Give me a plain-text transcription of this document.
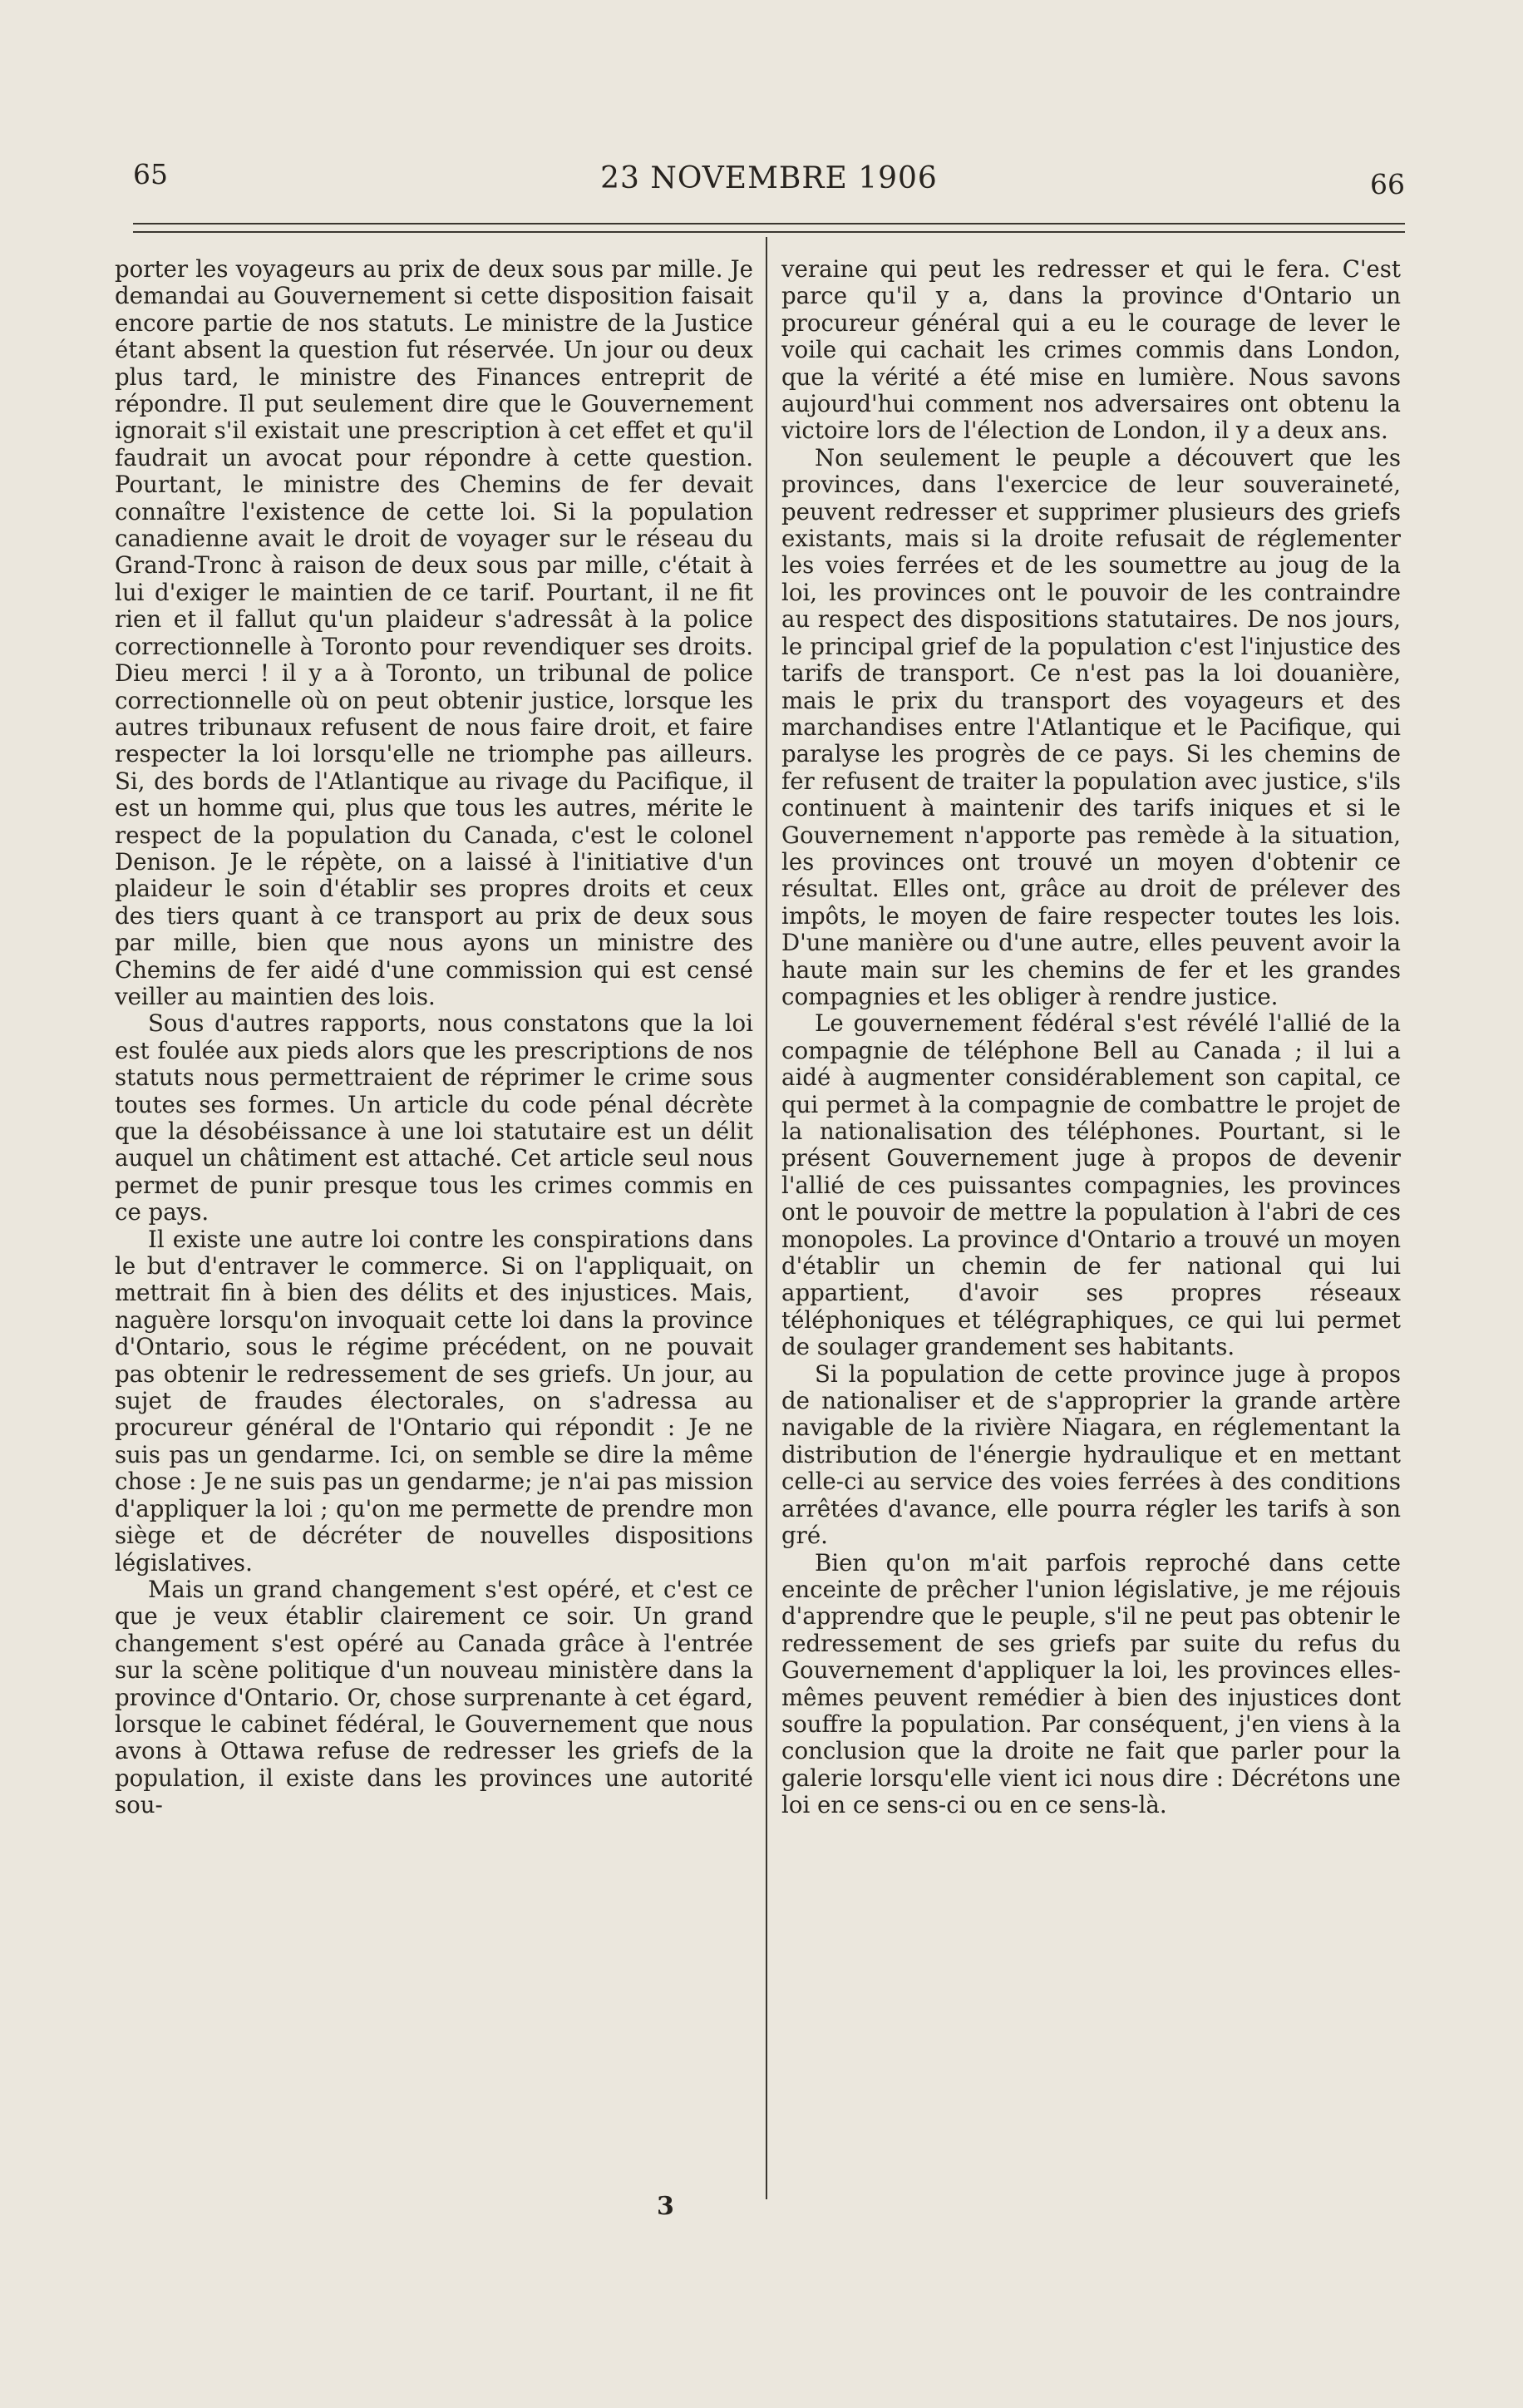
65	23 NOVEMBRE 1906	66

porter les voyageurs au prix de deux sous par mille. Je demandai au Gouvernement si cette disposition faisait encore partie de nos statuts. Le ministre de la Justice étant absent la question fut réservée. Un jour ou deux plus tard, le ministre des Finances entreprit de répondre. Il put seulement dire que le Gouvernement ignorait s'il existait une prescription à cet effet et qu'il faudrait un avocat pour répondre à cette question. Pourtant, le ministre des Chemins de fer devait connaître l'existence de cette loi. Si la population canadienne avait le droit de voyager sur le réseau du Grand-Tronc à raison de deux sous par mille, c'était à lui d'exiger le maintien de ce tarif. Pourtant, il ne fit rien et il fallut qu'un plaideur s'adressât à la police correctionnelle à Toronto pour revendiquer ses droits. Dieu merci ! il y a à Toronto, un tribunal de police correctionnelle où on peut obtenir justice, lorsque les autres tribunaux refusent de nous faire droit, et faire respecter la loi lorsqu'elle ne triomphe pas ailleurs. Si, des bords de l'Atlantique au rivage du Pacifique, il est un homme qui, plus que tous les autres, mérite le respect de la population du Canada, c'est le colonel Denison. Je le répète, on a laissé à l'initiative d'un plaideur le soin d'établir ses propres droits et ceux des tiers quant à ce transport au prix de deux sous par mille, bien que nous ayons un ministre des Chemins de fer aidé d'une commission qui est censé veiller au maintien des lois.

Sous d'autres rapports, nous constatons que la loi est foulée aux pieds alors que les prescriptions de nos statuts nous permettraient de réprimer le crime sous toutes ses formes. Un article du code pénal décrète que la désobéissance à une loi statutaire est un délit auquel un châtiment est attaché. Cet article seul nous permet de punir presque tous les crimes commis en ce pays.

Il existe une autre loi contre les conspirations dans le but d'entraver le commerce. Si on l'appliquait, on mettrait fin à bien des délits et des injustices. Mais, naguère lorsqu'on invoquait cette loi dans la province d'Ontario, sous le régime précédent, on ne pouvait pas obtenir le redressement de ses griefs. Un jour, au sujet de fraudes électorales, on s'adressa au procureur général de l'Ontario qui répondit : Je ne suis pas un gendarme. Ici, on semble se dire la même chose : Je ne suis pas un gendarme; je n'ai pas mission d'appliquer la loi ; qu'on me permette de prendre mon siège et de décréter de nouvelles dispositions législatives.

Mais un grand changement s'est opéré, et c'est ce que je veux établir clairement ce soir. Un grand changement s'est opéré au Canada grâce à l'entrée sur la scène politique d'un nouveau ministère dans la province d'Ontario. Or, chose surprenante à cet égard, lorsque le cabinet fédéral, le Gouvernement que nous avons à Ottawa refuse de redresser les griefs de la population, il existe dans les provinces une autorité sou-

veraine qui peut les redresser et qui le fera. C'est parce qu'il y a, dans la province d'Ontario un procureur général qui a eu le courage de lever le voile qui cachait les crimes commis dans London, que la vérité a été mise en lumière. Nous savons aujourd'hui comment nos adversaires ont obtenu la victoire lors de l'élection de London, il y a deux ans.

Non seulement le peuple a découvert que les provinces, dans l'exercice de leur souveraineté, peuvent redresser et supprimer plusieurs des griefs existants, mais si la droite refusait de réglementer les voies ferrées et de les soumettre au joug de la loi, les provinces ont le pouvoir de les contraindre au respect des dispositions statutaires. De nos jours, le principal grief de la population c'est l'injustice des tarifs de transport. Ce n'est pas la loi douanière, mais le prix du transport des voyageurs et des marchandises entre l'Atlantique et le Pacifique, qui paralyse les progrès de ce pays. Si les chemins de fer refusent de traiter la population avec justice, s'ils continuent à maintenir des tarifs iniques et si le Gouvernement n'apporte pas remède à la situation, les provinces ont trouvé un moyen d'obtenir ce résultat. Elles ont, grâce au droit de prélever des impôts, le moyen de faire respecter toutes les lois. D'une manière ou d'une autre, elles peuvent avoir la haute main sur les chemins de fer et les grandes compagnies et les obliger à rendre justice.

Le gouvernement fédéral s'est révélé l'allié de la compagnie de téléphone Bell au Canada ; il lui a aidé à augmenter considérablement son capital, ce qui permet à la compagnie de combattre le projet de la nationalisation des téléphones. Pourtant, si le présent Gouvernement juge à propos de devenir l'allié de ces puissantes compagnies, les provinces ont le pouvoir de mettre la population à l'abri de ces monopoles. La province d'Ontario a trouvé un moyen d'établir un chemin de fer national qui lui appartient, d'avoir ses propres réseaux téléphoniques et télégraphiques, ce qui lui permet de soulager grandement ses habitants.

Si la population de cette province juge à propos de nationaliser et de s'approprier la grande artère navigable de la rivière Niagara, en réglementant la distribution de l'énergie hydraulique et en mettant celle-ci au service des voies ferrées à des conditions arrêtées d'avance, elle pourra régler les tarifs à son gré.

Bien qu'on m'ait parfois reproché dans cette enceinte de prêcher l'union législative, je me réjouis d'apprendre que le peuple, s'il ne peut pas obtenir le redressement de ses griefs par suite du refus du Gouvernement d'appliquer la loi, les provinces elles-mêmes peuvent remédier à bien des injustices dont souffre la population. Par conséquent, j'en viens à la conclusion que la droite ne fait que parler pour la galerie lorsqu'elle vient ici nous dire : Décrétons une loi en ce sens-ci ou en ce sens-là.

3
